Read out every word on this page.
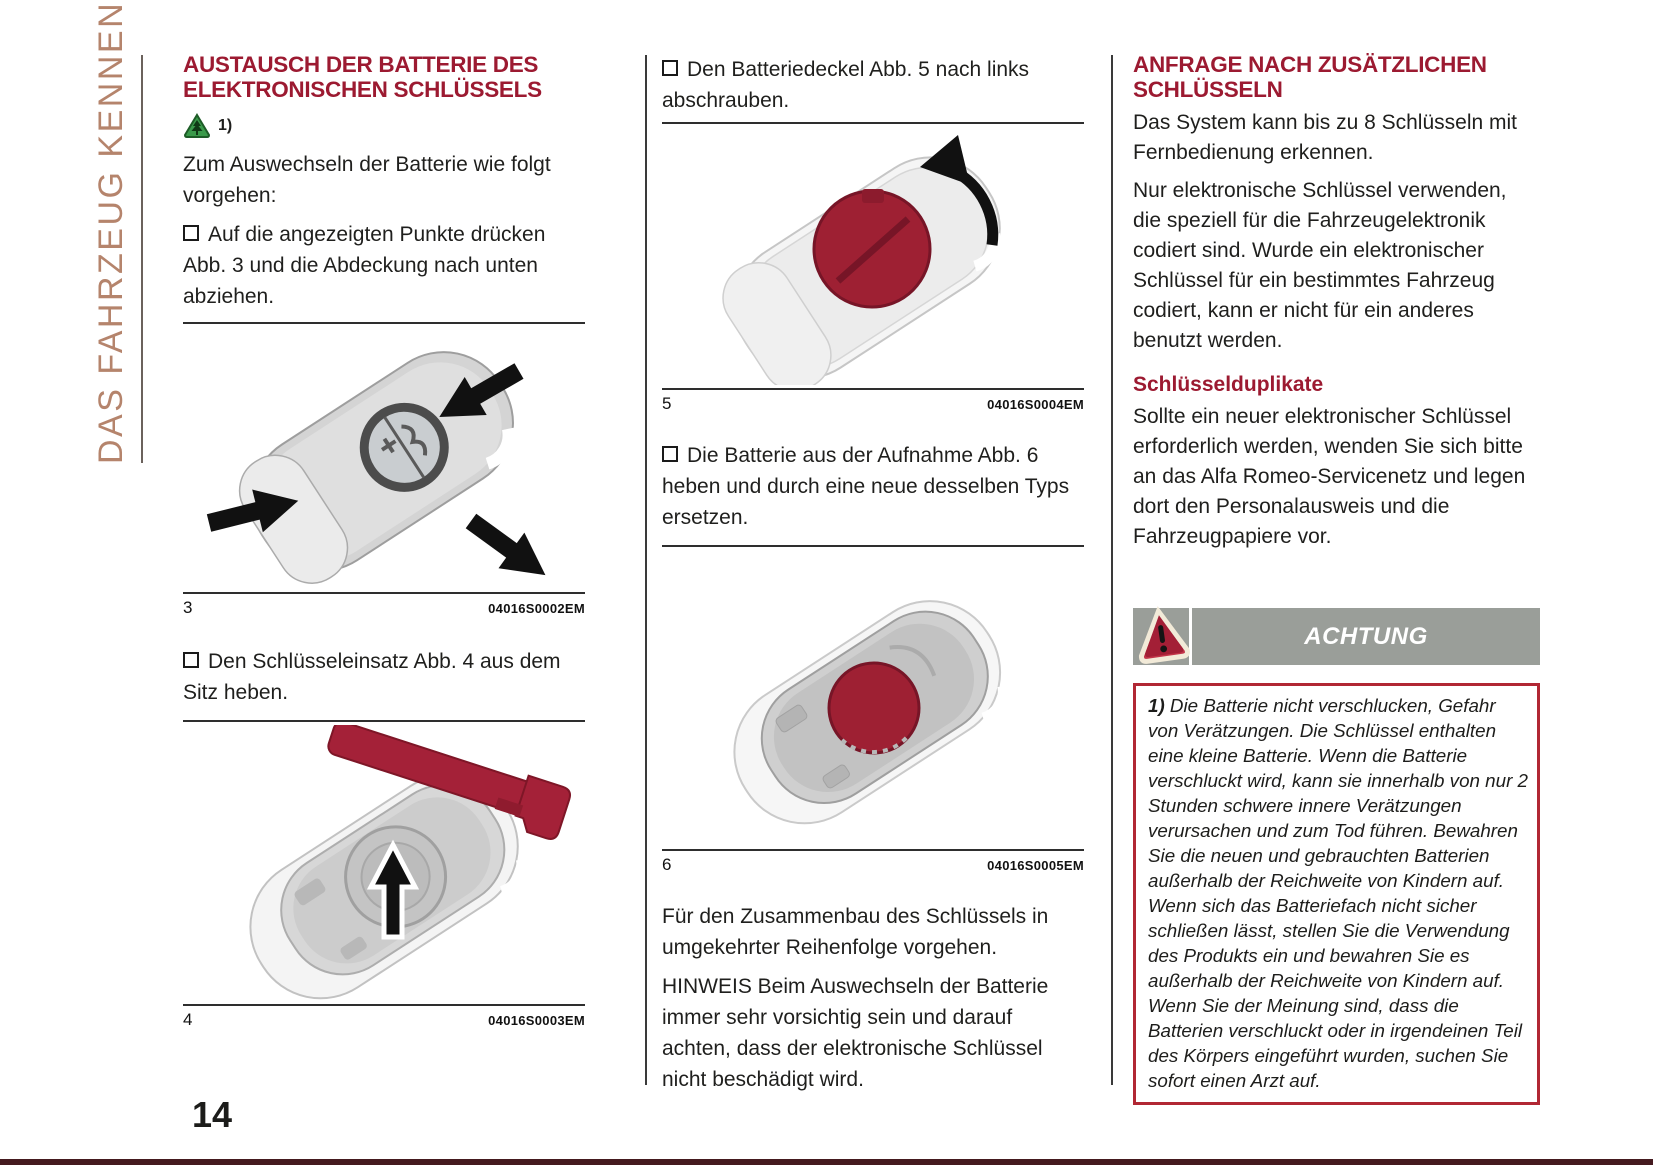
DAS FAHRZEUG KENNEN AUSTAUSCH DER BATTERIE DES ELEKTRONISCHEN SCHLÜSSELS
1)

Zum Auswechseln der Batterie wie folgt vorgehen:

Auf die angezeigten Punkte drücken Abb. 3 und die Abdeckung nach unten abziehen.

3	04016S0002EM

Den Schlüsseleinsatz Abb. 4 aus dem Sitz heben.

4	04016S0003EM

Den Batteriedeckel Abb. 5 nach links abschrauben.

5	04016S0004EM

Die Batterie aus der Aufnahme Abb. 6 heben und durch eine neue desselben Typs ersetzen.

6	04016S0005EM

Für den Zusammenbau des Schlüssels in umgekehrter Reihenfolge vorgehen.

HINWEIS Beim Auswechseln der Batterie immer sehr vorsichtig sein und darauf achten, dass der elektronische Schlüssel nicht beschädigt wird.

ANFRAGE NACH ZUSÄTZLICHEN SCHLÜSSELN

Das System kann bis zu 8 Schlüsseln mit Fernbedienung erkennen.

Nur elektronische Schlüssel verwenden, die speziell für die Fahrzeugelektronik codiert sind. Wurde ein elektronischer Schlüssel für ein bestimmtes Fahrzeug codiert, kann er nicht für ein anderes benutzt werden.

Schlüsselduplikate

Sollte ein neuer elektronischer Schlüssel erforderlich werden, wenden Sie sich bitte an das Alfa Romeo-Servicenetz und legen dort den Personalausweis und die Fahrzeugpapiere vor.

ACHTUNG
1) Die Batterie nicht verschlucken, Gefahr von Verätzungen. Die Schlüssel enthalten eine kleine Batterie. Wenn die Batterie verschluckt wird, kann sie innerhalb von nur 2 Stunden schwere innere Verätzungen verursachen und zum Tod führen. Bewahren Sie die neuen und gebrauchten Batterien außerhalb der Reichweite von Kindern auf. Wenn sich das Batteriefach nicht sicher schließen lässt, stellen Sie die Verwendung des Produkts ein und bewahren Sie es außerhalb der Reichweite von Kindern auf. Wenn Sie der Meinung sind, dass die Batterien verschluckt oder in irgendeinen Teil des Körpers eingeführt wurden, suchen Sie sofort einen Arzt auf.
14
